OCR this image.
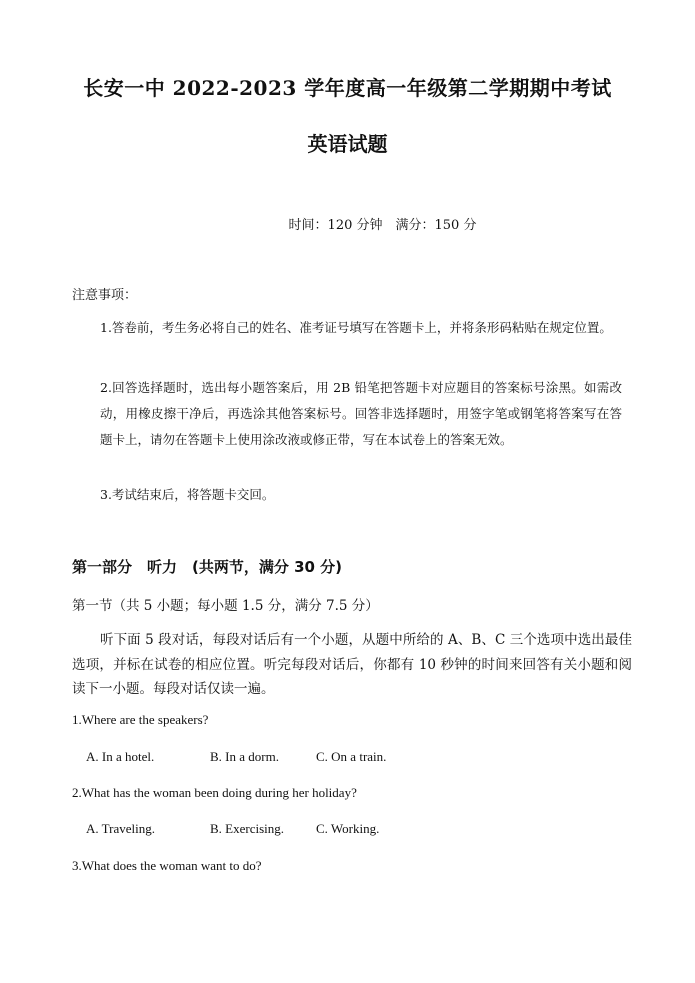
长安一中 2022-2023 学年度高一年级第二学期期中考试
英语试题
时间：120 分钟　满分：150 分
注意事项：
1.答卷前，考生务必将自己的姓名、准考证号填写在答题卡上，并将条形码粘贴在规定位置。
2.回答选择题时，选出每小题答案后，用 2B 铅笔把答题卡对应题目的答案标号涂黑。如需改动，用橡皮擦干净后，再选涂其他答案标号。回答非选择题时，用签字笔或钢笔将答案写在答题卡上，请勿在答题卡上使用涂改液或修正带，写在本试卷上的答案无效。
3.考试结束后，将答题卡交回。
第一部分　听力　(共两节，满分 30 分)
第一节（共 5 小题；每小题 1.5 分，满分 7.5 分）
听下面 5 段对话，每段对话后有一个小题，从题中所给的 A、B、C 三个选项中选出最佳选项，并标在试卷的相应位置。听完每段对话后，你都有 10 秒钟的时间来回答有关小题和阅读下一小题。每段对话仅读一遍。
1.Where are the speakers?
A. In a hotel.	B. In a dorm.	C. On a train.
2.What has the woman been doing during her holiday?
A. Traveling.	B. Exercising. C. Working.
3.What does the woman want to do?
